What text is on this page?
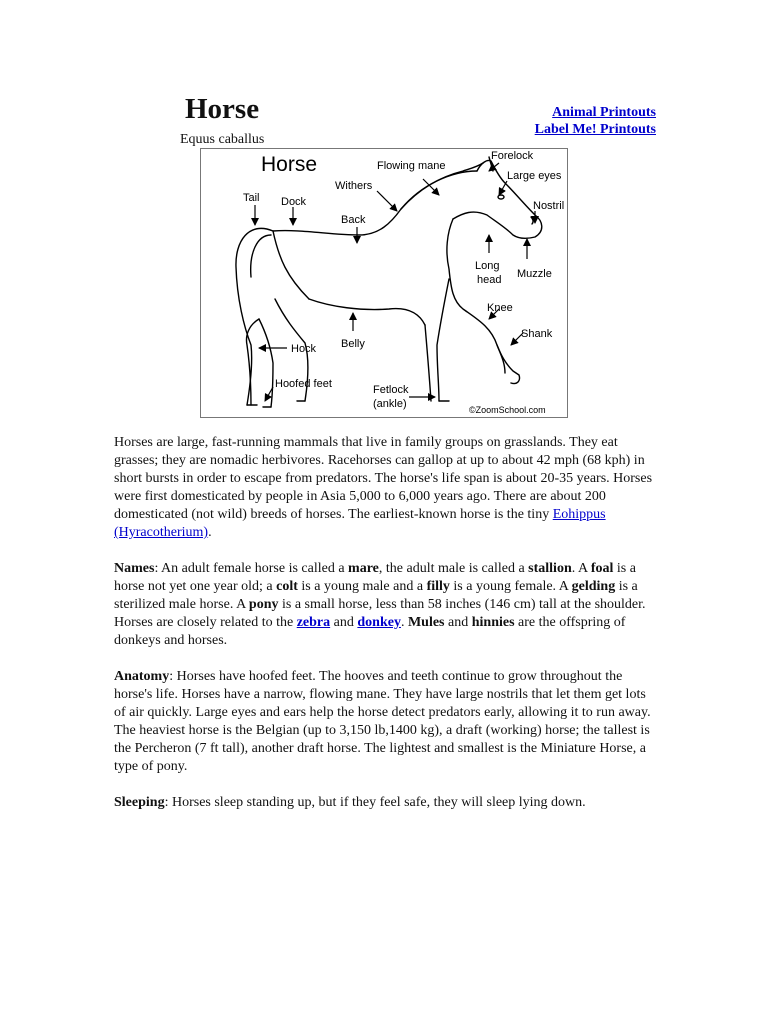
Horse
Equus caballus
Animal Printouts
Label Me! Printouts
Horse
Tail Dock
Withers
Flowing mane
Forelock
Large eyes
Nostril
Back
Long
head Muzzle
Knee
Shank
Hock Belly
Hoofed feet	Fetlock
(ankle)	©ZoomSchool.com

Horses are large, fast-running mammals that live in family groups on grasslands. They eat grasses; they are nomadic herbivores. Racehorses can gallop at up to about 42 mph (68 kph) in short bursts in order to escape from predators. The horse's life span is about 20-35 years. Horses were first domesticated by people in Asia 5,000 to 6,000 years ago. There are about 200 domesticated (not wild) breeds of horses. The earliest-known horse is the tiny Eohippus (Hyracotherium).

Names: An adult female horse is called a mare, the adult male is called a stallion. A foal is a horse not yet one year old; a colt is a young male and a filly is a young female. A gelding is a sterilized male horse. A pony is a small horse, less than 58 inches (146 cm) tall at the shoulder. Horses are closely related to the zebra and donkey. Mules and hinnies are the offspring of donkeys and horses.

Anatomy: Horses have hoofed feet. The hooves and teeth continue to grow throughout the horse's life. Horses have a narrow, flowing mane. They have large nostrils that let them get lots of air quickly. Large eyes and ears help the horse detect predators early, allowing it to run away. The heaviest horse is the Belgian (up to 3,150 lb,1400 kg), a draft (working) horse; the tallest is the Percheron (7 ft tall), another draft horse. The lightest and smallest is the Miniature Horse, a type of pony.

Sleeping: Horses sleep standing up, but if they feel safe, they will sleep lying down.
